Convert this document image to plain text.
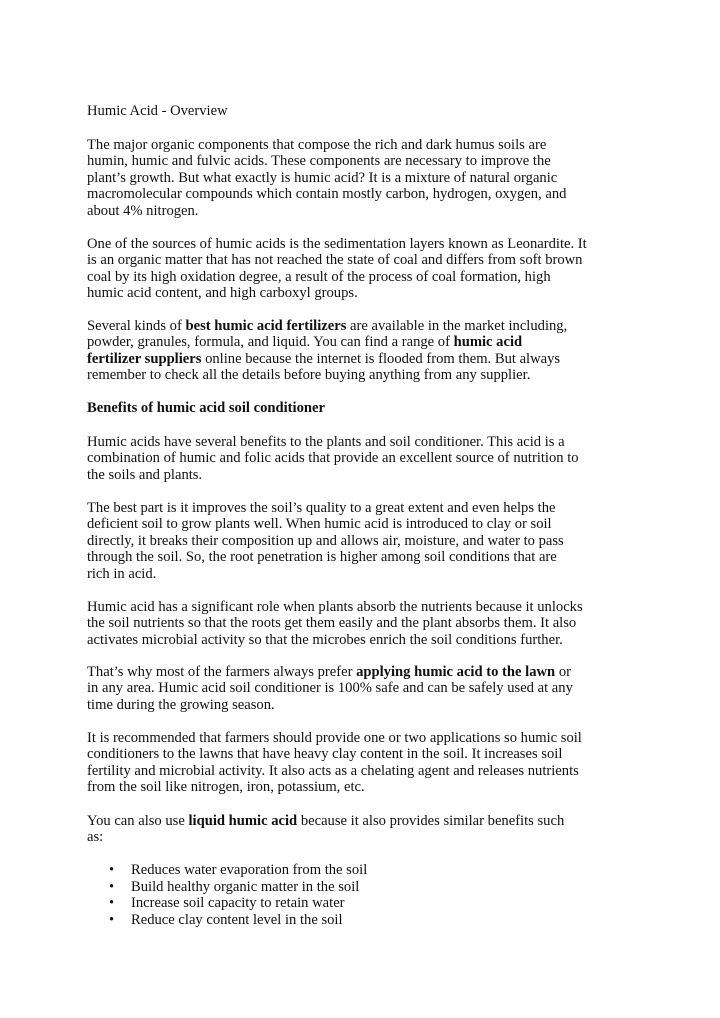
Humic Acid - Overview

The major organic components that compose the rich and dark humus soils are
humin, humic and fulvic acids. These components are necessary to improve the
plant’s growth. But what exactly is humic acid? It is a mixture of natural organic
macromolecular compounds which contain mostly carbon, hydrogen, oxygen, and
about 4% nitrogen.

One of the sources of humic acids is the sedimentation layers known as Leonardite. It
is an organic matter that has not reached the state of coal and differs from soft brown
coal by its high oxidation degree, a result of the process of coal formation, high
humic acid content, and high carboxyl groups.

Several kinds of best humic acid fertilizers are available in the market including,
powder, granules, formula, and liquid. You can find a range of humic acid
fertilizer suppliers online because the internet is flooded from them. But always
remember to check all the details before buying anything from any supplier.

Benefits of humic acid soil conditioner

Humic acids have several benefits to the plants and soil conditioner. This acid is a
combination of humic and folic acids that provide an excellent source of nutrition to
the soils and plants.

The best part is it improves the soil’s quality to a great extent and even helps the
deficient soil to grow plants well. When humic acid is introduced to clay or soil
directly, it breaks their composition up and allows air, moisture, and water to pass
through the soil. So, the root penetration is higher among soil conditions that are
rich in acid.

Humic acid has a significant role when plants absorb the nutrients because it unlocks
the soil nutrients so that the roots get them easily and the plant absorbs them. It also
activates microbial activity so that the microbes enrich the soil conditions further.

That’s why most of the farmers always prefer applying humic acid to the lawn or
in any area. Humic acid soil conditioner is 100% safe and can be safely used at any
time during the growing season.

It is recommended that farmers should provide one or two applications so humic soil
conditioners to the lawns that have heavy clay content in the soil. It increases soil
fertility and microbial activity. It also acts as a chelating agent and releases nutrients
from the soil like nitrogen, iron, potassium, etc.

You can also use liquid humic acid because it also provides similar benefits such
as:

• Reduces water evaporation from the soil
• Build healthy organic matter in the soil
• Increase soil capacity to retain water
• Reduce clay content level in the soil
